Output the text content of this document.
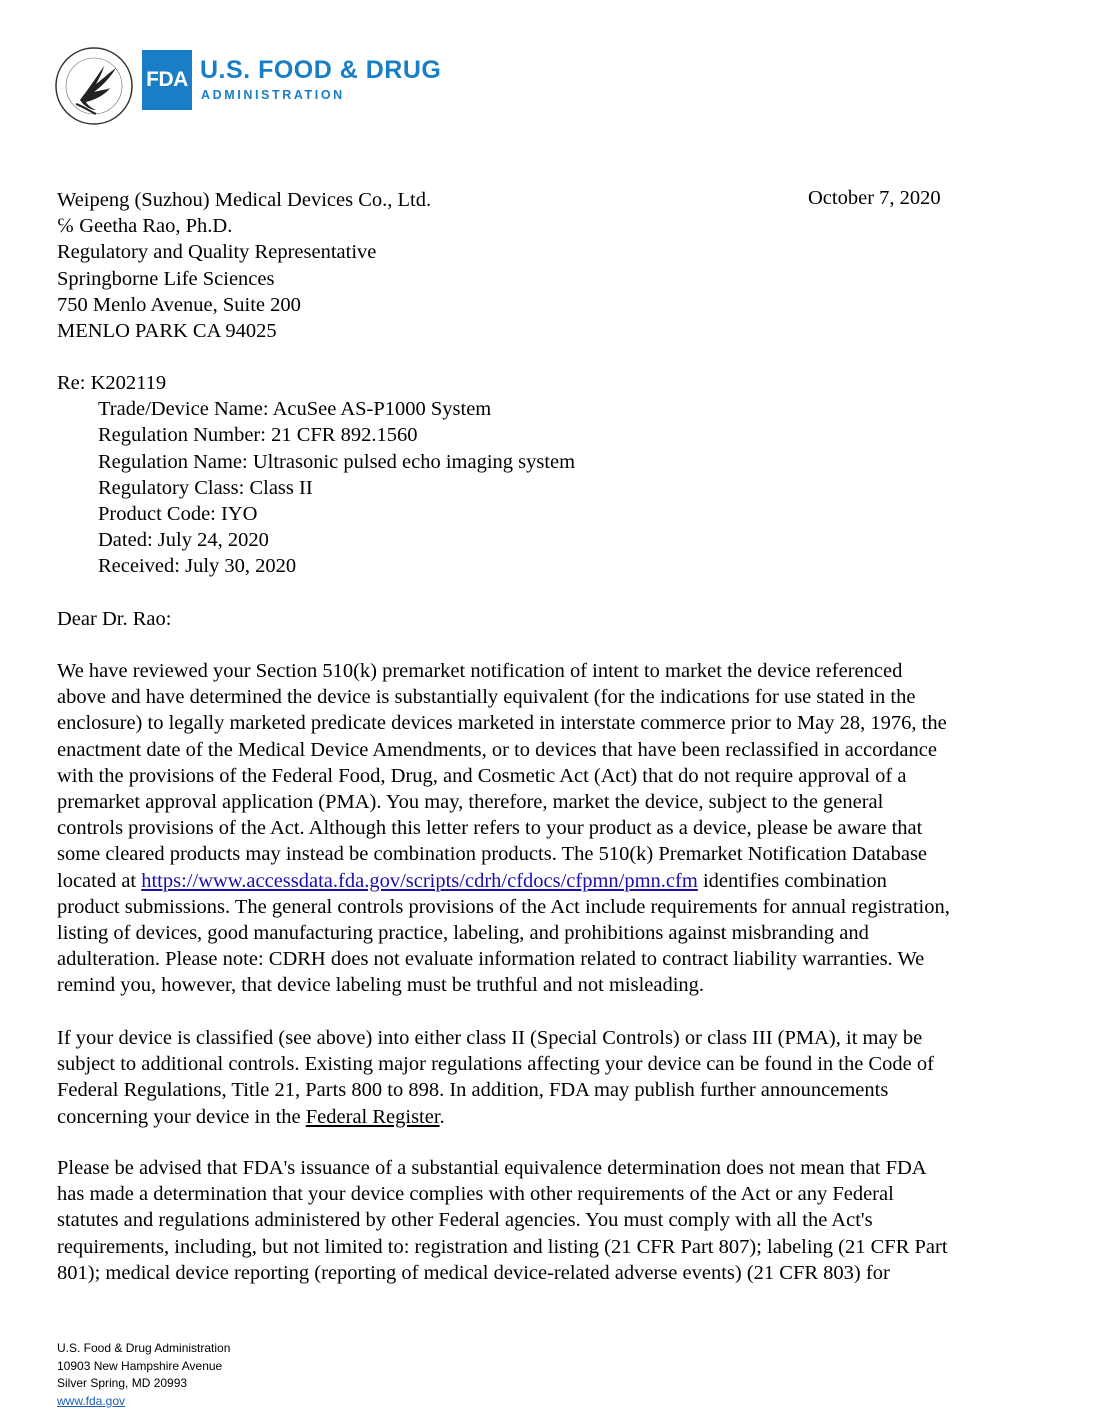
FDA U.S. FOOD & DRUG
ADMINISTRATION
October 7, 2020
Weipeng (Suzhou) Medical Devices Co., Ltd.
℅ Geetha Rao, Ph.D.
Regulatory and Quality Representative
Springborne Life Sciences
750 Menlo Avenue, Suite 200
MENLO PARK CA 94025
Re: K202119
Trade/Device Name: AcuSee AS-P1000 System
Regulation Number: 21 CFR 892.1560
Regulation Name: Ultrasonic pulsed echo imaging system
Regulatory Class: Class II
Product Code: IYO
Dated: July 24, 2020
Received: July 30, 2020
Dear Dr. Rao:
We have reviewed your Section 510(k) premarket notification of intent to market the device referenced
above and have determined the device is substantially equivalent (for the indications for use stated in the
enclosure) to legally marketed predicate devices marketed in interstate commerce prior to May 28, 1976, the
enactment date of the Medical Device Amendments, or to devices that have been reclassified in accordance
with the provisions of the Federal Food, Drug, and Cosmetic Act (Act) that do not require approval of a
premarket approval application (PMA). You may, therefore, market the device, subject to the general
controls provisions of the Act. Although this letter refers to your product as a device, please be aware that
some cleared products may instead be combination products. The 510(k) Premarket Notification Database
located at https://www.accessdata.fda.gov/scripts/cdrh/cfdocs/cfpmn/pmn.cfm identifies combination
product submissions. The general controls provisions of the Act include requirements for annual registration,
listing of devices, good manufacturing practice, labeling, and prohibitions against misbranding and
adulteration. Please note: CDRH does not evaluate information related to contract liability warranties. We
remind you, however, that device labeling must be truthful and not misleading.
If your device is classified (see above) into either class II (Special Controls) or class III (PMA), it may be
subject to additional controls. Existing major regulations affecting your device can be found in the Code of
Federal Regulations, Title 21, Parts 800 to 898. In addition, FDA may publish further announcements
concerning your device in the Federal Register.
Please be advised that FDA's issuance of a substantial equivalence determination does not mean that FDA
has made a determination that your device complies with other requirements of the Act or any Federal
statutes and regulations administered by other Federal agencies. You must comply with all the Act's
requirements, including, but not limited to: registration and listing (21 CFR Part 807); labeling (21 CFR Part
801); medical device reporting (reporting of medical device-related adverse events) (21 CFR 803) for
U.S. Food & Drug Administration
10903 New Hampshire Avenue
Silver Spring, MD 20993
www.fda.gov
